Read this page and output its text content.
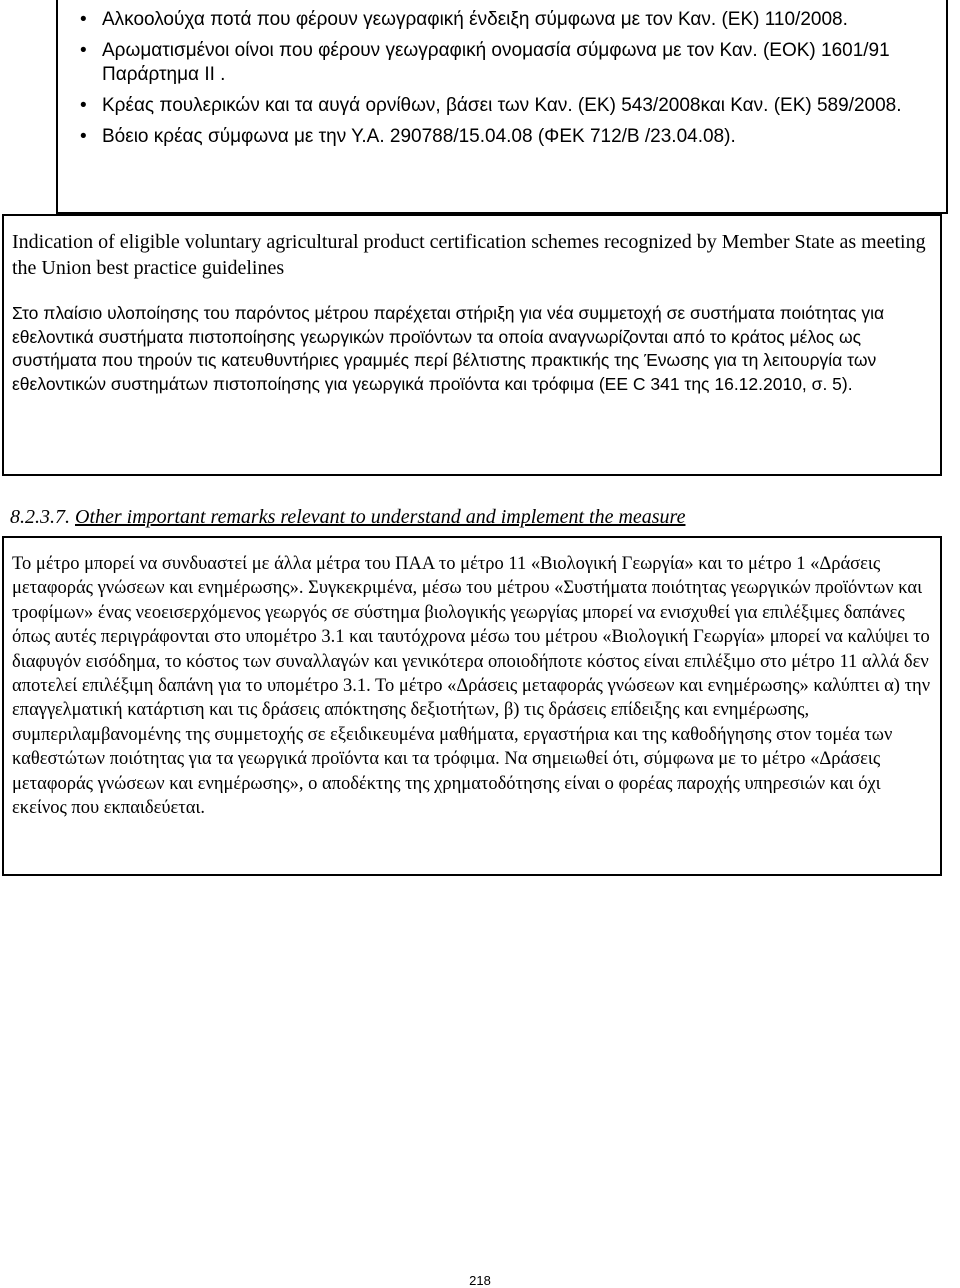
• Αλκοολούχα ποτά που φέρουν γεωγραφική ένδειξη σύμφωνα με τον Καν. (ΕΚ) 110/2008.
• Αρωματισμένοι οίνοι που φέρουν γεωγραφική ονομασία σύμφωνα με τον Καν. (ΕΟΚ) 1601/91 Παράρτημα ΙΙ .
• Κρέας πουλερικών και τα αυγά ορνίθων, βάσει των Καν. (ΕΚ) 543/2008και Καν. (ΕΚ) 589/2008.
• Βόειο κρέας σύμφωνα με την Υ.Α. 290788/15.04.08 (ΦΕΚ 712/Β /23.04.08).
Indication of eligible voluntary agricultural product certification schemes recognized by Member State as meeting the Union best practice guidelines
Στο πλαίσιο υλοποίησης του παρόντος μέτρου παρέχεται στήριξη για νέα συμμετοχή σε συστήματα ποιότητας για εθελοντικά συστήματα πιστοποίησης γεωργικών προϊόντων τα οποία αναγνωρίζονται από το κράτος μέλος ως συστήματα που τηρούν τις κατευθυντήριες γραμμές περί βέλτιστης πρακτικής της Ένωσης για τη λειτουργία των εθελοντικών συστημάτων πιστοποίησης για γεωργικά προϊόντα και τρόφιμα (ΕΕ C 341 της 16.12.2010, σ. 5).
8.2.3.7. Other important remarks relevant to understand and implement the measure
Το μέτρο μπορεί να συνδυαστεί με άλλα μέτρα του ΠΑΑ το μέτρο 11 «Βιολογική Γεωργία» και το μέτρο 1 «Δράσεις μεταφοράς γνώσεων και ενημέρωσης». Συγκεκριμένα, μέσω του μέτρου «Συστήματα ποιότητας γεωργικών προϊόντων και τροφίμων» ένας νεοεισερχόμενος γεωργός σε σύστημα βιολογικής γεωργίας μπορεί να ενισχυθεί για επιλέξιμες δαπάνες όπως αυτές περιγράφονται στο υπομέτρο 3.1 και ταυτόχρονα μέσω του μέτρου «Βιολογική Γεωργία» μπορεί να καλύψει το διαφυγόν εισόδημα, το κόστος των συναλλαγών και γενικότερα οποιοδήποτε κόστος είναι επιλέξιμο στο μέτρο 11 αλλά δεν αποτελεί επιλέξιμη δαπάνη για το υπομέτρο 3.1. Το μέτρο «Δράσεις μεταφοράς γνώσεων και ενημέρωσης» καλύπτει α) την επαγγελματική κατάρτιση και τις δράσεις απόκτησης δεξιοτήτων, β) τις δράσεις επίδειξης και ενημέρωσης, συμπεριλαμβανομένης της συμμετοχής σε εξειδικευμένα μαθήματα, εργαστήρια και της καθοδήγησης στον τομέα των καθεστώτων ποιότητας για τα γεωργικά προϊόντα και τα τρόφιμα. Να σημειωθεί ότι, σύμφωνα με το μέτρο «Δράσεις μεταφοράς γνώσεων και ενημέρωσης», ο αποδέκτης της χρηματοδότησης είναι ο φορέας παροχής υπηρεσιών και όχι εκείνος που εκπαιδεύεται.
218
